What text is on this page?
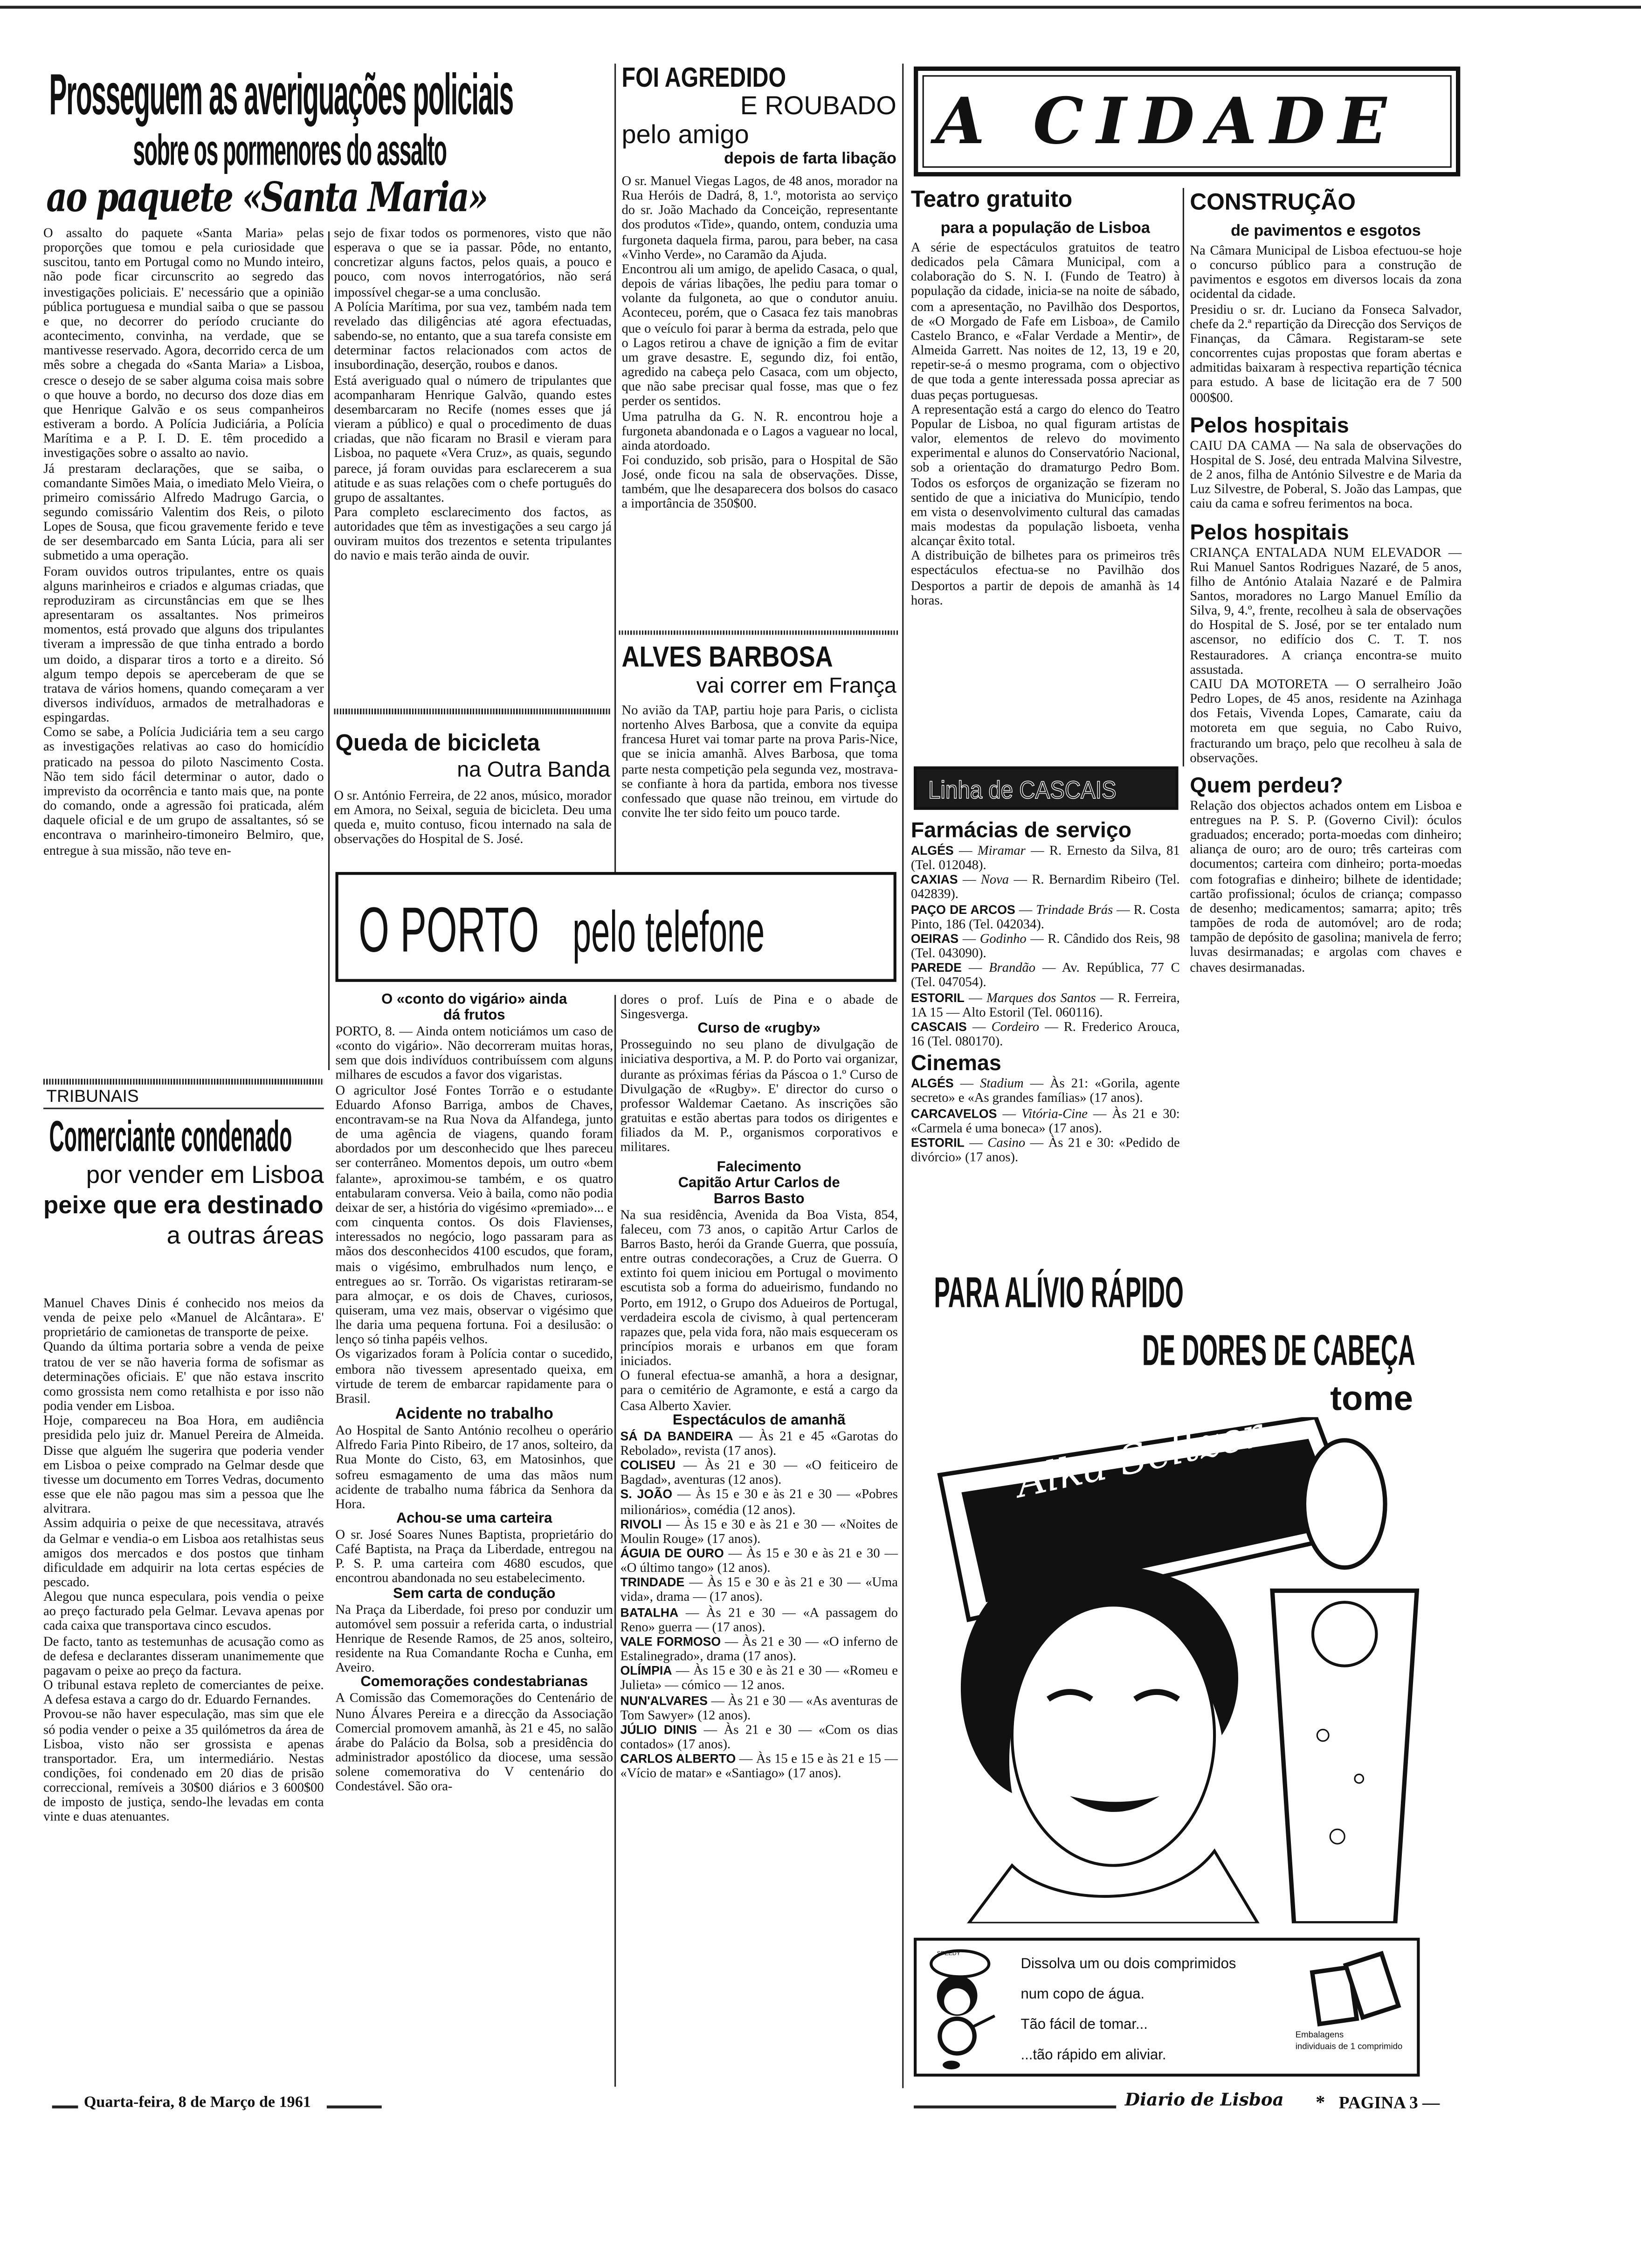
Prosseguem as averiguações policiais
sobre os pormenores do assalto
ao paquete «Santa Maria»
O assalto do paquete «Santa Maria» pelas proporções que tomou e pela curiosidade que suscitou, tanto em Portugal como no Mundo inteiro, não pode ficar circunscrito ao segredo das investigações policiais. E' necessário que a opinião pública portuguesa e mundial saiba o que se passou e que, no decorrer do período cruciante do acontecimento, convinha, na verdade, que se mantivesse reservado. Agora, decorrido cerca de um mês sobre a chegada do «Santa Maria» a Lisboa, cresce o desejo de se saber alguma coisa mais sobre o que houve a bordo, no decurso dos doze dias em que Henrique Galvão e os seus companheiros estiveram a bordo. A Polícia Judiciária, a Polícia Marítima e a P. I. D. E. têm procedido a investigações sobre o assalto ao navio.
Já prestaram declarações, que se saiba, o comandante Simões Maia, o imediato Melo Vieira, o primeiro comissário Alfredo Madrugo Garcia, o segundo comissário Valentim dos Reis, o piloto Lopes de Sousa, que ficou gravemente ferido e teve de ser desembarcado em Santa Lúcia, para ali ser submetido a uma operação.
Foram ouvidos outros tripulantes, entre os quais alguns marinheiros e criados e algumas criadas, que reproduziram as circunstâncias em que se lhes apresentaram os assaltantes. Nos primeiros momentos, está provado que alguns dos tripulantes tiveram a impressão de que tinha entrado a bordo um doido, a disparar tiros a torto e a direito. Só algum tempo depois se aperceberam de que se tratava de vários homens, quando começaram a ver diversos indivíduos, armados de metralhadoras e espingardas.
Como se sabe, a Polícia Judiciária tem a seu cargo as investigações relativas ao caso do homicídio praticado na pessoa do piloto Nascimento Costa. Não tem sido fácil determinar o autor, dado o imprevisto da ocorrência e tanto mais que, na ponte do comando, onde a agressão foi praticada, além daquele oficial e de um grupo de assaltantes, só se encontrava o marinheiro-timoneiro Belmiro, que, entregue à sua missão, não teve en-
sejo de fixar todos os pormenores, visto que não esperava o que se ia passar. Pôde, no entanto, concretizar alguns factos, pelos quais, a pouco e pouco, com novos interrogatórios, não será impossível chegar-se a uma conclusão.
A Polícia Marítima, por sua vez, também nada tem revelado das diligências até agora efectuadas, sabendo-se, no entanto, que a sua tarefa consiste em determinar factos relacionados com actos de insubordinação, deserção, roubos e danos.
Está averiguado qual o número de tripulantes que acompanharam Henrique Galvão, quando estes desembarcaram no Recife (nomes esses que já vieram a público) e qual o procedimento de duas criadas, que não ficaram no Brasil e vieram para Lisboa, no paquete «Vera Cruz», as quais, segundo parece, já foram ouvidas para esclarecerem a sua atitude e as suas relações com o chefe português do grupo de assaltantes.
Para completo esclarecimento dos factos, as autoridades que têm as investigações a seu cargo já ouviram muitos dos trezentos e setenta tripulantes do navio e mais terão ainda de ouvir.
TRIBUNAIS
Comerciante condenado
por vender em Lisboa
peixe que era destinado
a outras áreas
Manuel Chaves Dinis é conhecido nos meios da venda de peixe pelo «Manuel de Alcântara». E' proprietário de camionetas de transporte de peixe.
Quando da última portaria sobre a venda de peixe tratou de ver se não haveria forma de sofismar as determinações oficiais. E' que não estava inscrito como grossista nem como retalhista e por isso não podia vender em Lisboa.
Hoje, compareceu na Boa Hora, em audiência presidida pelo juiz dr. Manuel Pereira de Almeida. Disse que alguém lhe sugerira que poderia vender em Lisboa o peixe comprado na Gelmar desde que tivesse um documento em Torres Vedras, documento esse que ele não pagou mas sim a pessoa que lhe alvitrara.
Assim adquiria o peixe de que necessitava, através da Gelmar e vendia-o em Lisboa aos retalhistas seus amigos dos mercados e dos postos que tinham dificuldade em adquirir na lota certas espécies de pescado.
Alegou que nunca especulara, pois vendia o peixe ao preço facturado pela Gelmar. Levava apenas por cada caixa que transportava cinco escudos.
De facto, tanto as testemunhas de acusação como as de defesa e declarantes disseram unanimemente que pagavam o peixe ao preço da factura.
O tribunal estava repleto de comerciantes de peixe. A defesa estava a cargo do dr. Eduardo Fernandes.
Provou-se não haver especulação, mas sim que ele só podia vender o peixe a 35 quilómetros da área de Lisboa, visto não ser grossista e apenas transportador. Era, um intermediário. Nestas condições, foi condenado em 20 dias de prisão correccional, remíveis a 30$00 diários e 3 600$00 de imposto de justiça, sendo-lhe levadas em conta vinte e duas atenuantes.
Queda de bicicleta
na Outra Banda
O sr. António Ferreira, de 22 anos, músico, morador em Amora, no Seixal, seguia de bicicleta. Deu uma queda e, muito contuso, ficou internado na sala de observações do Hospital de S. José.
FOI AGREDIDO
E ROUBADO
pelo amigo
depois de farta libação
O sr. Manuel Viegas Lagos, de 48 anos, morador na Rua Heróis de Dadrá, 8, 1.º, motorista ao serviço do sr. João Machado da Conceição, representante dos produtos «Tide», quando, ontem, conduzia uma furgoneta daquela firma, parou, para beber, na casa «Vinho Verde», no Caramão da Ajuda.
Encontrou ali um amigo, de apelido Casaca, o qual, depois de várias libações, lhe pediu para tomar o volante da fulgoneta, ao que o condutor anuiu. Aconteceu, porém, que o Casaca fez tais manobras que o veículo foi parar à berma da estrada, pelo que o Lagos retirou a chave de ignição a fim de evitar um grave desastre. E, segundo diz, foi então, agredido na cabeça pelo Casaca, com um objecto, que não sabe precisar qual fosse, mas que o fez perder os sentidos.
Uma patrulha da G. N. R. encontrou hoje a furgoneta abandonada e o Lagos a vaguear no local, ainda atordoado.
Foi conduzido, sob prisão, para o Hospital de São José, onde ficou na sala de observações. Disse, também, que lhe desaparecera dos bolsos do casaco a importância de 350$00.
ALVES BARBOSA
vai correr em França
No avião da TAP, partiu hoje para Paris, o ciclista nortenho Alves Barbosa, que a convite da equipa francesa Huret vai tomar parte na prova Paris-Nice, que se inicia amanhã. Alves Barbosa, que toma parte nesta competição pela segunda vez, mostrava-se confiante à hora da partida, embora nos tivesse confessado que quase não treinou, em virtude do convite lhe ter sido feito um pouco tarde.
O PORTO pelo telefone
O «conto do vigário» ainda dá frutos
PORTO, 8. — Ainda ontem noticiámos um caso de «conto do vigário». Não decorreram muitas horas, sem que dois indivíduos contribuíssem com alguns milhares de escudos a favor dos vigaristas.
O agricultor José Fontes Torrão e o estudante Eduardo Afonso Barriga, ambos de Chaves, encontravam-se na Rua Nova da Alfandega, junto de uma agência de viagens, quando foram abordados por um desconhecido que lhes pareceu ser conterrâneo. Momentos depois, um outro «bem falante», aproximou-se também, e os quatro entabularam conversa. Veio à baila, como não podia deixar de ser, a história do vigésimo «premiado»... e com cinquenta contos. Os dois Flavienses, interessados no negócio, logo passaram para as mãos dos desconhecidos 4100 escudos, que foram, mais o vigésimo, embrulhados num lenço, e entregues ao sr. Torrão. Os vigaristas retiraram-se para almoçar, e os dois de Chaves, curiosos, quiseram, uma vez mais, observar o vigésimo que lhe daria uma pequena fortuna. Foi a desilusão: o lenço só tinha papéis velhos.
Os vigarizados foram à Polícia contar o sucedido, embora não tivessem apresentado queixa, em virtude de terem de embarcar rapidamente para o Brasil.
Acidente no trabalho
Ao Hospital de Santo António recolheu o operário Alfredo Faria Pinto Ribeiro, de 17 anos, solteiro, da Rua Monte do Cisto, 63, em Matosinhos, que sofreu esmagamento de uma das mãos num acidente de trabalho numa fábrica da Senhora da Hora.
Achou-se uma carteira
O sr. José Soares Nunes Baptista, proprietário do Café Baptista, na Praça da Liberdade, entregou na P. S. P. uma carteira com 4680 escudos, que encontrou abandonada no seu estabelecimento.
Sem carta de condução
Na Praça da Liberdade, foi preso por conduzir um automóvel sem possuir a referida carta, o industrial Henrique de Resende Ramos, de 25 anos, solteiro, residente na Rua Comandante Rocha e Cunha, em Aveiro.
Comemorações condestabrianas
A Comissão das Comemorações do Centenário de Nuno Álvares Pereira e a direcção da Associação Comercial promovem amanhã, às 21 e 45, no salão árabe do Palácio da Bolsa, sob a presidência do administrador apostólico da diocese, uma sessão solene comemorativa do V centenário do Condestável. São ora-
dores o prof. Luís de Pina e o abade de Singesverga.
Curso de «rugby»
Prosseguindo no seu plano de divulgação de iniciativa desportiva, a M. P. do Porto vai organizar, durante as próximas férias da Páscoa o 1.º Curso de Divulgação de «Rugby». E' director do curso o professor Waldemar Caetano. As inscrições são gratuitas e estão abertas para todos os dirigentes e filiados da M. P., organismos corporativos e militares.
Falecimento
Capitão Artur Carlos de Barros Basto
Na sua residência, Avenida da Boa Vista, 854, faleceu, com 73 anos, o capitão Artur Carlos de Barros Basto, herói da Grande Guerra, que possuía, entre outras condecorações, a Cruz de Guerra. O extinto foi quem iniciou em Portugal o movimento escutista sob a forma do adueirismo, fundando no Porto, em 1912, o Grupo dos Adueiros de Portugal, verdadeira escola de civismo, à qual pertenceram rapazes que, pela vida fora, não mais esqueceram os princípios morais e urbanos em que foram iniciados.
O funeral efectua-se amanhã, a hora a designar, para o cemitério de Agramonte, e está a cargo da Casa Alberto Xavier.
Espectáculos de amanhã
SÁ DA BANDEIRA — Às 21 e 45 «Garotas do Rebolado», revista (17 anos).
COLISEU — Às 21 e 30 — «O feiticeiro de Bagdad», aventuras (12 anos).
S. JOÃO — Às 15 e 30 e às 21 e 30 — «Pobres milionários», comédia (12 anos).
RIVOLI — Às 15 e 30 e às 21 e 30 — «Noites de Moulin Rouge» (17 anos).
ÁGUIA DE OURO — Às 15 e 30 e às 21 e 30 — «O último tango» (12 anos).
TRINDADE — Às 15 e 30 e às 21 e 30 — «Uma vida», drama — (17 anos).
BATALHA — Às 21 e 30 — «A passagem do Reno» guerra — (17 anos).
VALE FORMOSO — Às 21 e 30 — «O inferno de Estalinegrado», drama (17 anos).
OLÍMPIA — Às 15 e 30 e às 21 e 30 — «Romeu e Julieta» — cómico — 12 anos.
NUN'ALVARES — Às 21 e 30 — «As aventuras de Tom Sawyer» (12 anos).
JÚLIO DINIS — Às 21 e 30 — «Com os dias contados» (17 anos).
CARLOS ALBERTO — Às 15 e 15 e às 21 e 15 — «Vício de matar» e «Santiago» (17 anos).
A CIDADE
Teatro gratuito
para a população de Lisboa
A série de espectáculos gratuitos de teatro dedicados pela Câmara Municipal, com a colaboração do S. N. I. (Fundo de Teatro) à população da cidade, inicia-se na noite de sábado, com a apresentação, no Pavilhão dos Desportos, de «O Morgado de Fafe em Lisboa», de Camilo Castelo Branco, e «Falar Verdade a Mentir», de Almeida Garrett. Nas noites de 12, 13, 19 e 20, repetir-se-á o mesmo programa, com o objectivo de que toda a gente interessada possa apreciar as duas peças portuguesas.
A representação está a cargo do elenco do Teatro Popular de Lisboa, no qual figuram artistas de valor, elementos de relevo do movimento experimental e alunos do Conservatório Nacional, sob a orientação do dramaturgo Pedro Bom. Todos os esforços de organização se fizeram no sentido de que a iniciativa do Município, tendo em vista o desenvolvimento cultural das camadas mais modestas da população lisboeta, venha alcançar êxito total.
A distribuição de bilhetes para os primeiros três espectáculos efectua-se no Pavilhão dos Desportos a partir de depois de amanhã às 14 horas.
CONSTRUÇÃO
de pavimentos e esgotos
Na Câmara Municipal de Lisboa efectuou-se hoje o concurso público para a construção de pavimentos e esgotos em diversos locais da zona ocidental da cidade.
Presidiu o sr. dr. Luciano da Fonseca Salvador, chefe da 2.ª repartição da Direcção dos Serviços de Finanças, da Câmara. Registaram-se sete concorrentes cujas propostas que foram abertas e admitidas baixaram à respectiva repartição técnica para estudo. A base de licitação era de 7 500 000$00.
Pelos hospitais
CAIU DA CAMA — Na sala de observações do Hospital de S. José, deu entrada Malvina Silvestre, de 2 anos, filha de António Silvestre e de Maria da Luz Silvestre, de Poberal, S. João das Lampas, que caiu da cama e sofreu ferimentos na boca.
Pelos hospitais
CRIANÇA ENTALADA NUM ELEVADOR — Rui Manuel Santos Rodrigues Nazaré, de 5 anos, filho de António Atalaia Nazaré e de Palmira Santos, moradores no Largo Manuel Emílio da Silva, 9, 4.º, frente, recolheu à sala de observações do Hospital de S. José, por se ter entalado num ascensor, no edifício dos C. T. T. nos Restauradores. A criança encontra-se muito assustada.
CAIU DA MOTORETA — O serralheiro João Pedro Lopes, de 45 anos, residente na Azinhaga dos Fetais, Vivenda Lopes, Camarate, caiu da motoreta em que seguia, no Cabo Ruivo, fracturando um braço, pelo que recolheu à sala de observações.
Quem perdeu?
Relação dos objectos achados ontem em Lisboa e entregues na P. S. P. (Governo Civil): óculos graduados; encerado; porta-moedas com dinheiro; aliança de ouro; aro de ouro; três carteiras com documentos; carteira com dinheiro; porta-moedas com fotografias e dinheiro; bilhete de identidade; cartão profissional; óculos de criança; compasso de desenho; medicamentos; samarra; apito; três tampões de roda de automóvel; aro de roda; tampão de depósito de gasolina; manivela de ferro; luvas desirmanadas; e argolas com chaves e chaves desirmanadas.
Linha de CASCAIS
Farmácias de serviço
ALGÉS — Miramar — R. Ernesto da Silva, 81 (Tel. 012048).
CAXIAS — Nova — R. Bernardim Ribeiro (Tel. 042839).
PAÇO DE ARCOS — Trindade Brás — R. Costa Pinto, 186 (Tel. 042034).
OEIRAS — Godinho — R. Cândido dos Reis, 98 (Tel. 043090).
PAREDE — Brandão — Av. República, 77 C (Tel. 047054).
ESTORIL — Marques dos Santos — R. Ferreira, 1A 15 — Alto Estoril (Tel. 060116).
CASCAIS — Cordeiro — R. Frederico Arouca, 16 (Tel. 080170).
Cinemas
ALGÉS — Stadium — Às 21: «Gorila, agente secreto» e «As grandes famílias» (17 anos).
CARCAVELOS — Vitória-Cine — Às 21 e 30: «Carmela é uma boneca» (17 anos).
ESTORIL — Casino — Às 21 e 30: «Pedido de divórcio» (17 anos).
PARA ALÍVIO RÁPIDO
DE DORES DE CABEÇA
tome
Alka-Seltzer
SPEEDY
Dissolva um ou dois comprimidos
num copo de água.
Tão fácil de tomar...
...tão rápido em aliviar.
Embalagens
individuais de 1 comprimido
Quarta-feira, 8 de Março de 1961	Diario de Lisboa	* PAGINA 3 —
